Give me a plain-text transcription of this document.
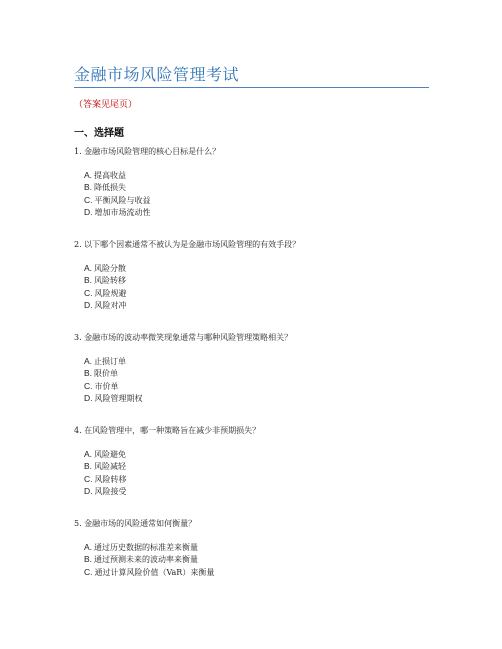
金融市场风险管理考试
（答案见尾页）
一、选择题
1. 金融市场风险管理的核心目标是什么？
A. 提高收益
B. 降低损失
C. 平衡风险与收益
D. 增加市场流动性
2. 以下哪个因素通常不被认为是金融市场风险管理的有效手段？
A. 风险分散
B. 风险转移
C. 风险规避
D. 风险对冲
3. 金融市场的波动率微笑现象通常与哪种风险管理策略相关？
A. 止损订单
B. 限价单
C. 市价单
D. 风险管理期权
4. 在风险管理中，哪一种策略旨在减少非预期损失？
A. 风险避免
B. 风险减轻
C. 风险转移
D. 风险接受
5. 金融市场的风险通常如何衡量？
A. 通过历史数据的标准差来衡量
B. 通过预测未来的波动率来衡量
C. 通过计算风险价值（VaR）来衡量
